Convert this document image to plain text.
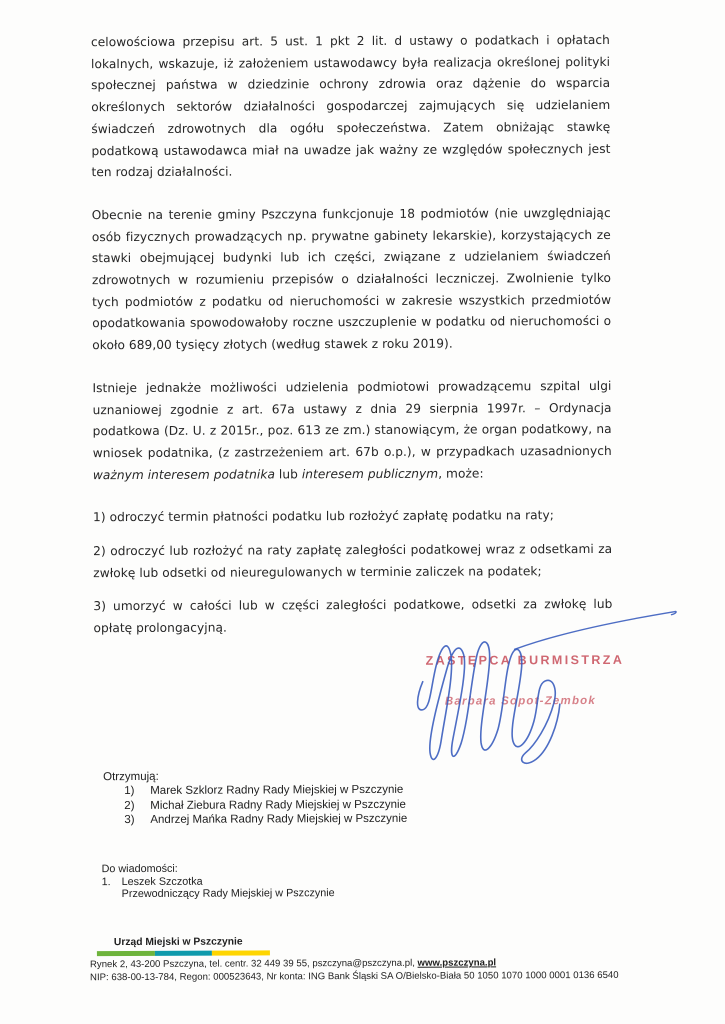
celowościowa przepisu art. 5 ust. 1 pkt 2 lit. d ustawy o podatkach i opłatach lokalnych, wskazuje, iż założeniem ustawodawcy była realizacja określonej polityki społecznej państwa w dziedzinie ochrony zdrowia oraz dążenie do wsparcia określonych sektorów działalności gospodarczej zajmujących się udzielaniem świadczeń zdrowotnych dla ogółu społeczeństwa. Zatem obniżając stawkę podatkową ustawodawca miał na uwadze jak ważny ze względów społecznych jest ten rodzaj działalności.

Obecnie na terenie gminy Pszczyna funkcjonuje 18 podmiotów (nie uwzględniając osób fizycznych prowadzących np. prywatne gabinety lekarskie), korzystających ze stawki obejmującej budynki lub ich części, związane z udzielaniem świadczeń zdrowotnych w rozumieniu przepisów o działalności leczniczej. Zwolnienie tylko tych podmiotów z podatku od nieruchomości w zakresie wszystkich przedmiotów opodatkowania spowodowałoby roczne uszczuplenie w podatku od nieruchomości o około 689,00 tysięcy złotych (według stawek z roku 2019).

Istnieje jednakże możliwości udzielenia podmiotowi prowadzącemu szpital ulgi uznaniowej zgodnie z art. 67a ustawy z dnia 29 sierpnia 1997r. – Ordynacja podatkowa (Dz. U. z 2015r., poz. 613 ze zm.) stanowiącym, że organ podatkowy, na wniosek podatnika, (z zastrzeżeniem art. 67b o.p.), w przypadkach uzasadnionych ważnym interesem podatnika lub interesem publicznym, może:

1) odroczyć termin płatności podatku lub rozłożyć zapłatę podatku na raty;

2) odroczyć lub rozłożyć na raty zapłatę zaległości podatkowej wraz z odsetkami za zwłokę lub odsetki od nieuregulowanych w terminie zaliczek na podatek;

3) umorzyć w całości lub w części zaległości podatkowe, odsetki za zwłokę lub opłatę prolongacyjną.

ZASTĘPCA BURMISTRZA
Barbara Sopot-Zembok
Otrzymują:
1)	Marek Szklorz Radny Rady Miejskiej w Pszczynie
2)	Michał Ziebura Radny Rady Miejskiej w Pszczynie
3)	Andrzej Mańka Radny Rady Miejskiej w Pszczynie
Do wiadomości:
1.	Leszek Szczotka
Przewodniczący Rady Miejskiej w Pszczynie
Urząd Miejski w Pszczynie
Rynek 2, 43-200 Pszczyna, tel. centr. 32 449 39 55, pszczyna@pszczyna.pl, www.pszczyna.pl
NIP: 638-00-13-784, Regon: 000523643, Nr konta: ING Bank Śląski SA O/Bielsko-Biała 50 1050 1070 1000 0001 0136 6540
